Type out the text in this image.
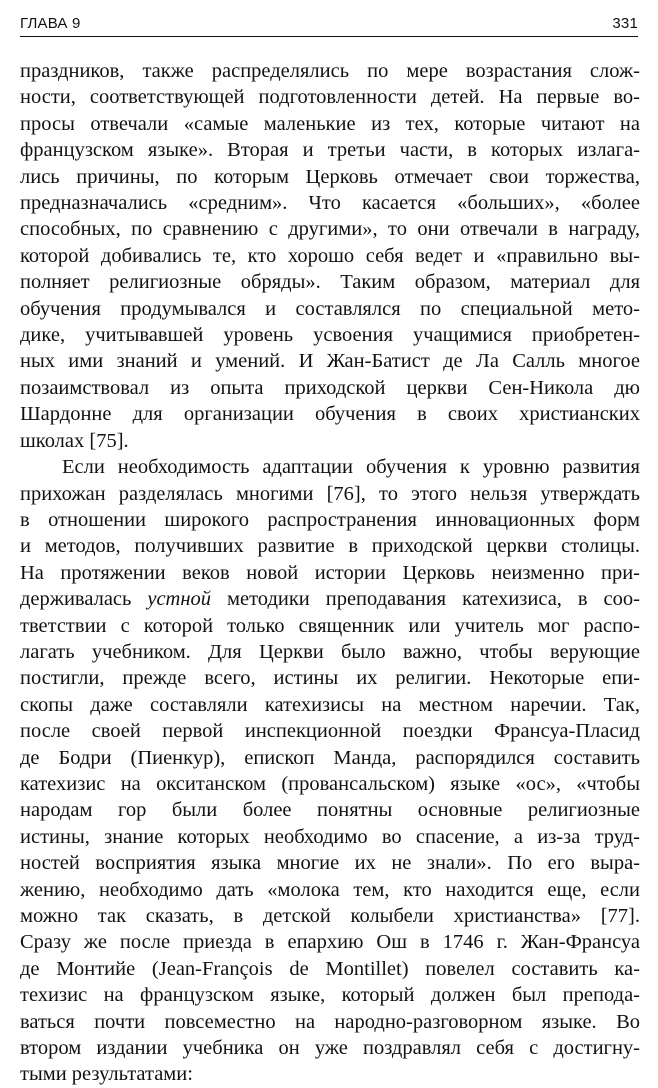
ГЛАВА 9	331

праздников, также распределялись по мере возрастания слож-
ности, соответствующей подготовленности детей. На первые во-
просы отвечали «самые маленькие из тех, которые читают на
французском языке». Вторая и третьи части, в которых излага-
лись причины, по которым Церковь отмечает свои торжества,
предназначались «средним». Что касается «больших», «более
способных, по сравнению с другими», то они отвечали в награду,
которой добивались те, кто хорошо себя ведет и «правильно вы-
полняет религиозные обряды». Таким образом, материал для
обучения продумывался и составлялся по специальной мето-
дике, учитывавшей уровень усвоения учащимися приобретен-
ных ими знаний и умений. И Жан-Батист де Ла Салль многое
позаимствовал из опыта приходской церкви Сен-Никола дю
Шардонне для организации обучения в своих христианских
школах [75].

Если необходимость адаптации обучения к уровню развития
прихожан разделялась многими [76], то этого нельзя утверждать
в отношении широкого распространения инновационных форм
и методов, получивших развитие в приходской церкви столицы.
На протяжении веков новой истории Церковь неизменно при-
держивалась устной методики преподавания катехизиса, в соо-
тветствии с которой только священник или учитель мог распо-
лагать учебником. Для Церкви было важно, чтобы верующие
постигли, прежде всего, истины их религии. Некоторые епи-
скопы даже составляли катехизисы на местном наречии. Так,
после своей первой инспекционной поездки Франсуа-Пласид
де Бодри (Пиенкур), епископ Манда, распорядился составить
катехизис на окситанском (провансальском) языке «ос», «чтобы
народам гор были более понятны основные религиозные
истины, знание которых необходимо во спасение, а из-за труд-
ностей восприятия языка многие их не знали». По его выра-
жению, необходимо дать «молока тем, кто находится еще, если
можно так сказать, в детской колыбели христианства» [77].
Сразу же после приезда в епархию Ош в 1746 г. Жан-Франсуа
де Монтийе (Jean-François de Montillet) повелел составить ка-
техизис на французском языке, который должен был препода-
ваться почти повсеместно на народно-разговорном языке. Во
втором издании учебника он уже поздравлял себя с достигну-
тыми результатами:
